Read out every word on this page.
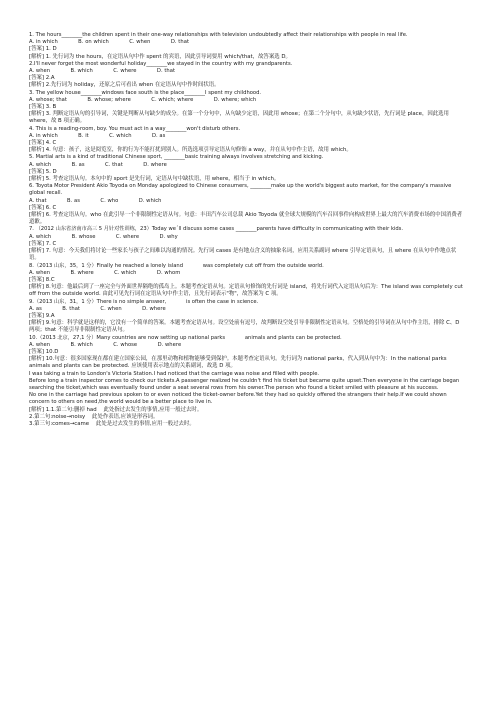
1. The hours________the children spent in their one-way relationships with television undoubtedly affect their relationships with people in real life.

A. in which            B. on which            C. when            D. that

[答案] 1. D

[解析] 1. 先行词为 the hours，在定语从句中作 spent 的宾语，因此引导词要用 which/that，故答案选 D。

2.I'll never forget the most wonderful holiday________we stayed in the country with my grandparents.

A. when            B. which            C. where            D. that

[答案] 2.A

[解析] 2.先行词为 holiday，还原之后可看出 when 在定语从句中作时间状语。

3. The yellow house________windows face south is the place________I spent my childhood.

A. whose; that            B. whose; where            C. which; where            D. where; which

[答案] 3. B

[解析] 3. 判断定语从句的引导词，关键是判断从句缺少的成分。在第一个分句中，从句缺少定语，因此用 whose；在第二个分句中，从句缺少状语，先行词是 place，因此选用 where，故 B 项正确。

4. This is a reading-room, boy. You must act in a way________won't disturb others.

A. in which            B. it            C. which            D. as

[答案] 4. C

[解析] 4. 句意：孩子，这是阅览室，你的行为不能打扰到别人。所选选项引导定语从句修饰 a way，并在从句中作主语，故用 which。

5. Martial arts is a kind of traditional Chinese sport, ________basic training always involves stretching and kicking.

A. which            B. as            C. that            D. where

[答案] 5. D

[解析] 5. 考查定语从句。本句中的 sport 是先行词，定语从句中缺状语，用 where，相当于 in which。

6. Toyota Motor President Akio Toyoda on Monday apologized to Chinese consumers, ________make up the world's biggest auto market, for the company's massive global recall.

A. that            B. as            C. who            D. which

[答案] 6. C

[解析] 6. 考查定语从句。who 在此引导一个非限制性定语从句。句意：丰田汽车公司总裁 Akio Toyoda 就全球大规模的汽车召回事件向构成世界上最大的汽车消费市场的中国消费者道歉。

7. （2012 山东省济南市高三 5 月针对性训练，23）Today we´ll discuss some cases ________parents have difficulty in communicating with their kids.

A. which            B. whose            C. where            D. why

[答案] 7. C

[解析] 7. 句意：今天我们将讨论一些家长与孩子之间难以沟通的情况。先行词 cases 是有地点含义的抽象名词，应用关系副词 where 引导定语从句，且 where 在从句中作地点状语。

8.（2013 山东，35，1 分）Finally he reached a lonely island            was completely cut off from the outside world.

A. when            B. where            C. which            D. whom

[答案] 8.C

[解析] 8.句意：他最后到了一座完全与外面世界隔绝的孤岛上。本题考查定语从句。定语从句修饰的先行词是 island，将先行词代入定语从句后为：The island was completely cut off from the outside world. 由此可见先行词在定语从句中作主语，且先行词表示"物"，故答案为 C 项。

9.（2013 山东，31，1 分）There is no simple answer,            is often the case in science.

A. as            B. that            C. when            D. where

[答案] 9.A

[解析] 9.句意：科学就是这样的，它没有一个简单的答案。本题考查定语从句。设空处前有逗号，故判断设空处引导非限制性定语从句。空格处的引导词在从句中作主语，排除 C、D 两项；that 不能引导非限制性定语从句。

10.（2013 北京，27,1 分）Many countries are now setting up national parks            animals and plants can be protected.

A. when            B. which            C. whose            D. where

[答案] 10.D

[解析] 10.句意：很多国家现在都在建立国家公园，在那里动物和植物能够受到保护。本题考查定语从句。先行词为 national parks，代入到从句中为：In the national parks animals and plants can be protected. 应该使用表示地点的关系副词，故选 D 项。

I was taking a train to London's Victoria Station.I had noticed that the carriage was noise and filled with people.

Before long a train inspector comes to check our tickets.A passenger realized he couldn't find his ticket but became quite upset.Then everyone in the carriage began searching the ticket,which was eventually found under a seat several rows from his owner.The person who found a ticket smiled with pleasure at his success.

No one in the carriage had previous spoken to or even noticed the ticket-owner before.Yet they had so quickly offered the strangers their help.If we could shown concern to others on need,the world would be a better place to live in.

[解析] 1.1.第二句:删掉 had    此处指过去发生的事情,应用一般过去时。

2.第二句:noise→noisy    此处作表语,应该是形容词。

3.第三句:comes→came    此处是过去发生的事情,应用一般过去时。
